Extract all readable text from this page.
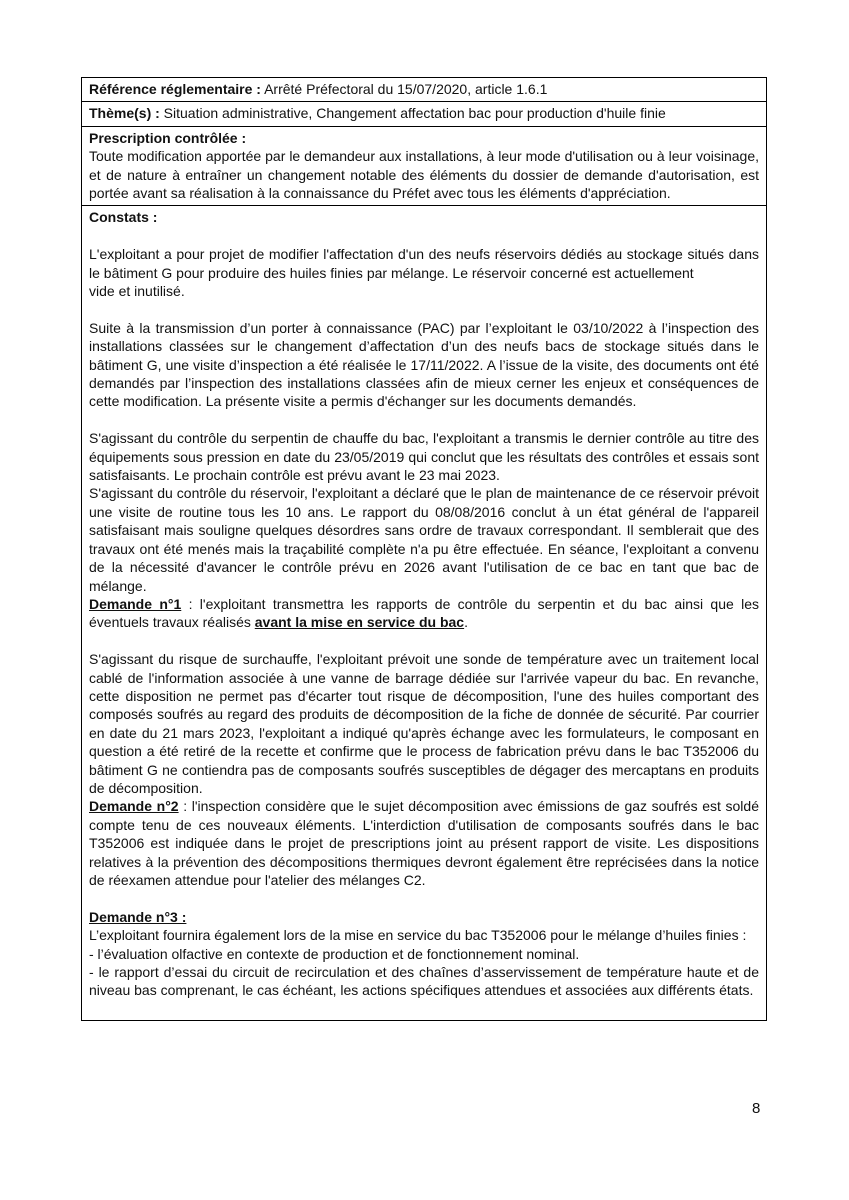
Référence réglementaire : Arrêté Préfectoral du 15/07/2020, article 1.6.1
Thème(s) : Situation administrative, Changement affectation bac pour production d'huile finie

Prescription contrôlée :

Toute modification apportée par le demandeur aux installations, à leur mode d'utilisation ou à leur voisinage, et de nature à entraîner un changement notable des éléments du dossier de demande d'autorisation, est portée avant sa réalisation à la connaissance du Préfet avec tous les éléments d'appréciation.

Constats :

L'exploitant a pour projet de modifier l'affectation d'un des neufs réservoirs dédiés au stockage situés dans le bâtiment G pour produire des huiles finies par mélange. Le réservoir concerné est actuellement

vide et inutilisé.

Suite à la transmission d’un porter à connaissance (PAC) par l’exploitant le 03/10/2022 à l’inspection des installations classées sur le changement d’affectation d’un des neufs bacs de stockage situés dans le bâtiment G, une visite d’inspection a été réalisée le 17/11/2022. A l’issue de la visite, des documents ont été demandés par l’inspection des installations classées afin de mieux cerner les enjeux et conséquences de cette modification. La présente visite a permis d'échanger sur les documents demandés.

S'agissant du contrôle du serpentin de chauffe du bac, l'exploitant a transmis le dernier contrôle au titre des équipements sous pression en date du 23/05/2019 qui conclut que les résultats des contrôles et essais sont satisfaisants. Le prochain contrôle est prévu avant le 23 mai 2023.

S'agissant du contrôle du réservoir, l'exploitant a déclaré que le plan de maintenance de ce réservoir prévoit une visite de routine tous les 10 ans. Le rapport du 08/08/2016 conclut à un état général de l'appareil satisfaisant mais souligne quelques désordres sans ordre de travaux correspondant. Il semblerait que des travaux ont été menés mais la traçabilité complète n'a pu être effectuée. En séance, l'exploitant a convenu de la nécessité d'avancer le contrôle prévu en 2026 avant l'utilisation de ce bac en tant que bac de mélange.

Demande n°1 : l'exploitant transmettra les rapports de contrôle du serpentin et du bac ainsi que les éventuels travaux réalisés avant la mise en service du bac.

S'agissant du risque de surchauffe, l'exploitant prévoit une sonde de température avec un traitement local cablé de l'information associée à une vanne de barrage dédiée sur l'arrivée vapeur du bac. En revanche, cette disposition ne permet pas d'écarter tout risque de décomposition, l'une des huiles comportant des composés soufrés au regard des produits de décomposition de la fiche de donnée de sécurité. Par courrier en date du 21 mars 2023, l'exploitant a indiqué qu'après échange avec les formulateurs, le composant en question a été retiré de la recette et confirme que le process de fabrication prévu dans le bac T352006 du bâtiment G ne contiendra pas de composants soufrés susceptibles de dégager des mercaptans en produits de décomposition.

Demande n°2 : l'inspection considère que le sujet décomposition avec émissions de gaz soufrés est soldé compte tenu de ces nouveaux éléments. L'interdiction d'utilisation de composants soufrés dans le bac T352006 est indiquée dans le projet de prescriptions joint au présent rapport de visite. Les dispositions relatives à la prévention des décompositions thermiques devront également être reprécisées dans la notice de réexamen attendue pour l'atelier des mélanges C2.

Demande n°3 :

L’exploitant fournira également lors de la mise en service du bac T352006 pour le mélange d’huiles finies :

- l’évaluation olfactive en contexte de production et de fonctionnement nominal.

- le rapport d’essai du circuit de recirculation et des chaînes d’asservissement de température haute et de niveau bas comprenant, le cas échéant, les actions spécifiques attendues et associées aux différents états.

8
